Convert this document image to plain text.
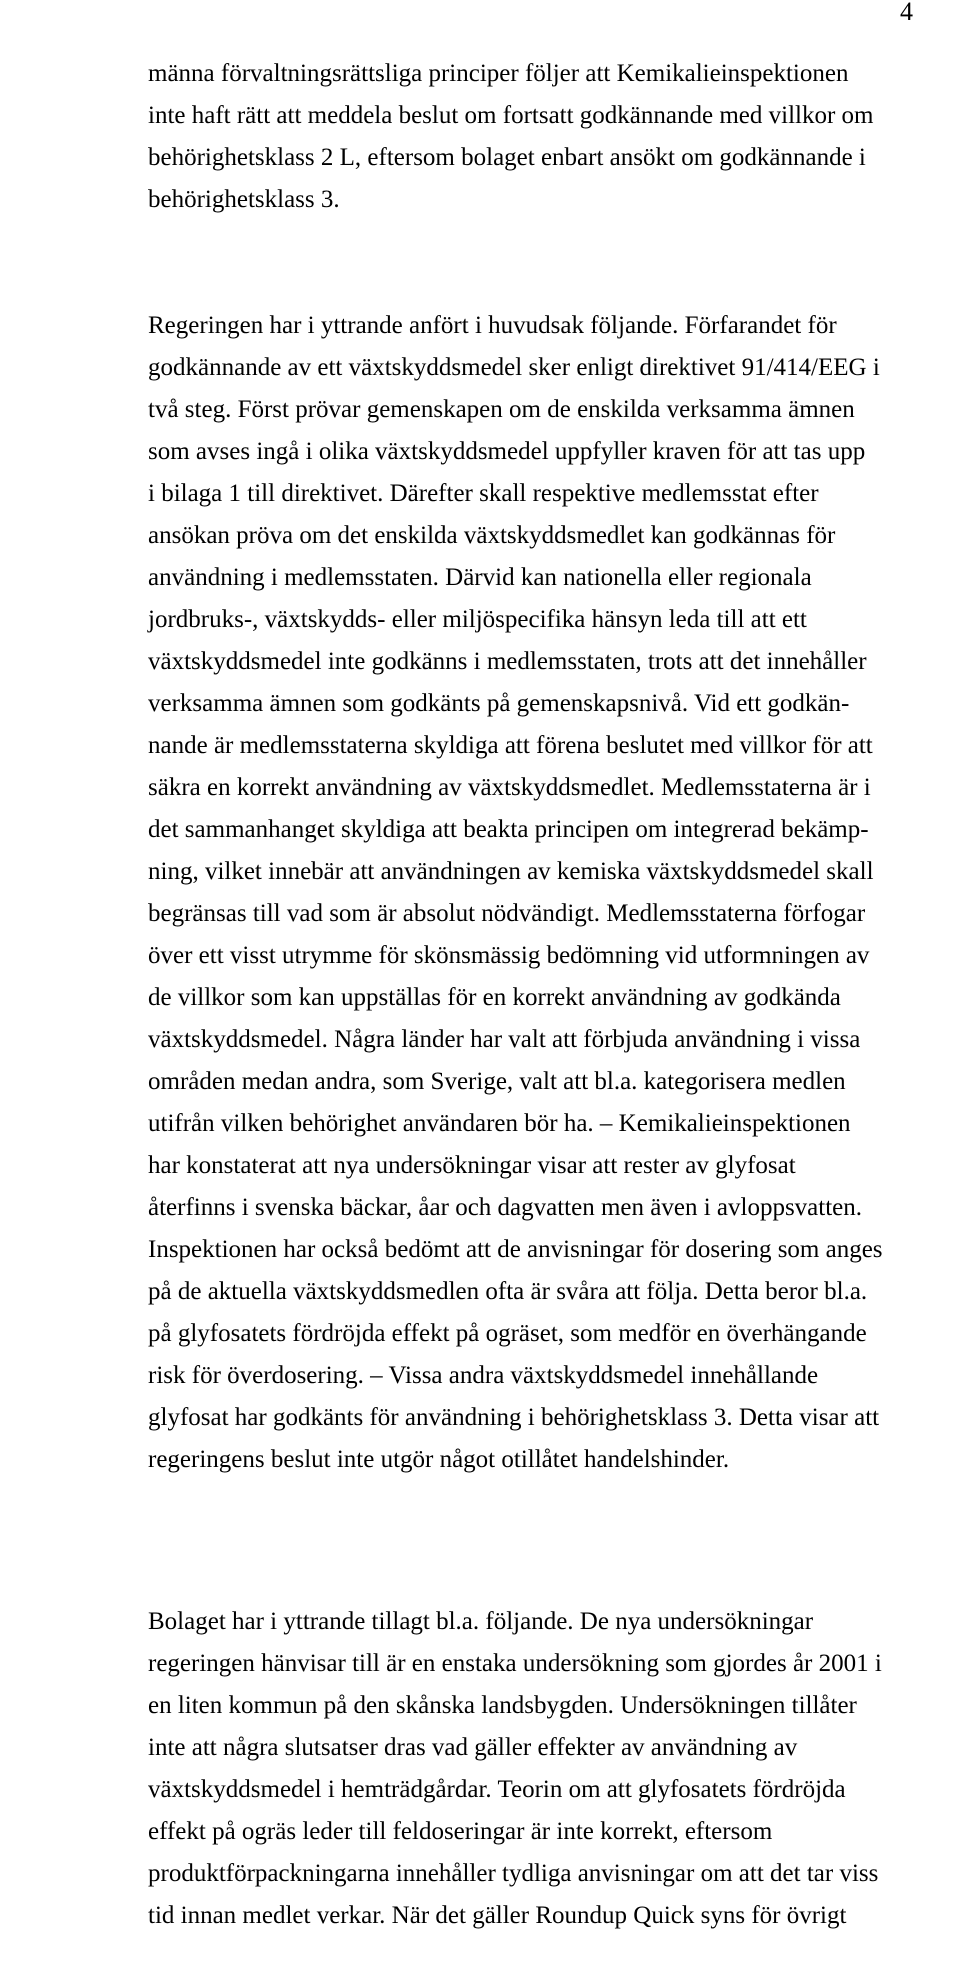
4
männa förvaltningsrättsliga principer följer att Kemikalieinspektionen
inte haft rätt att meddela beslut om fortsatt godkännande med villkor om
behörighetsklass 2 L, eftersom bolaget enbart ansökt om godkännande i
behörighetsklass 3.
Regeringen har i yttrande anfört i huvudsak följande. Förfarandet för
godkännande av ett växtskyddsmedel sker enligt direktivet 91/414/EEG i
två steg. Först prövar gemenskapen om de enskilda verksamma ämnen
som avses ingå i olika växtskyddsmedel uppfyller kraven för att tas upp
i bilaga 1 till direktivet. Därefter skall respektive medlemsstat efter
ansökan pröva om det enskilda växtskyddsmedlet kan godkännas för
användning i medlemsstaten. Därvid kan nationella eller regionala
jordbruks-, växtskydds- eller miljöspecifika hänsyn leda till att ett
växtskyddsmedel inte godkänns i medlemsstaten, trots att det innehåller
verksamma ämnen som godkänts på gemenskapsnivå. Vid ett godkän-
nande är medlemsstaterna skyldiga att förena beslutet med villkor för att
säkra en korrekt användning av växtskyddsmedlet. Medlemsstaterna är i
det sammanhanget skyldiga att beakta principen om integrerad bekämp-
ning, vilket innebär att användningen av kemiska växtskyddsmedel skall
begränsas till vad som är absolut nödvändigt. Medlemsstaterna förfogar
över ett visst utrymme för skönsmässig bedömning vid utformningen av
de villkor som kan uppställas för en korrekt användning av godkända
växtskyddsmedel. Några länder har valt att förbjuda användning i vissa
områden medan andra, som Sverige, valt att bl.a. kategorisera medlen
utifrån vilken behörighet användaren bör ha. – Kemikalieinspektionen
har konstaterat att nya undersökningar visar att rester av glyfosat
återfinns i svenska bäckar, åar och dagvatten men även i avloppsvatten.
Inspektionen har också bedömt att de anvisningar för dosering som anges
på de aktuella växtskyddsmedlen ofta är svåra att följa. Detta beror bl.a.
på glyfosatets fördröjda effekt på ogräset, som medför en överhängande
risk för överdosering. – Vissa andra växtskyddsmedel innehållande
glyfosat har godkänts för användning i behörighetsklass 3. Detta visar att
regeringens beslut inte utgör något otillåtet handelshinder.
Bolaget har i yttrande tillagt bl.a. följande. De nya undersökningar
regeringen hänvisar till är en enstaka undersökning som gjordes år 2001 i
en liten kommun på den skånska landsbygden. Undersökningen tillåter
inte att några slutsatser dras vad gäller effekter av användning av
växtskyddsmedel i hemträdgårdar. Teorin om att glyfosatets fördröjda
effekt på ogräs leder till feldoseringar är inte korrekt, eftersom
produktförpackningarna innehåller tydliga anvisningar om att det tar viss
tid innan medlet verkar. När det gäller Roundup Quick syns för övrigt
